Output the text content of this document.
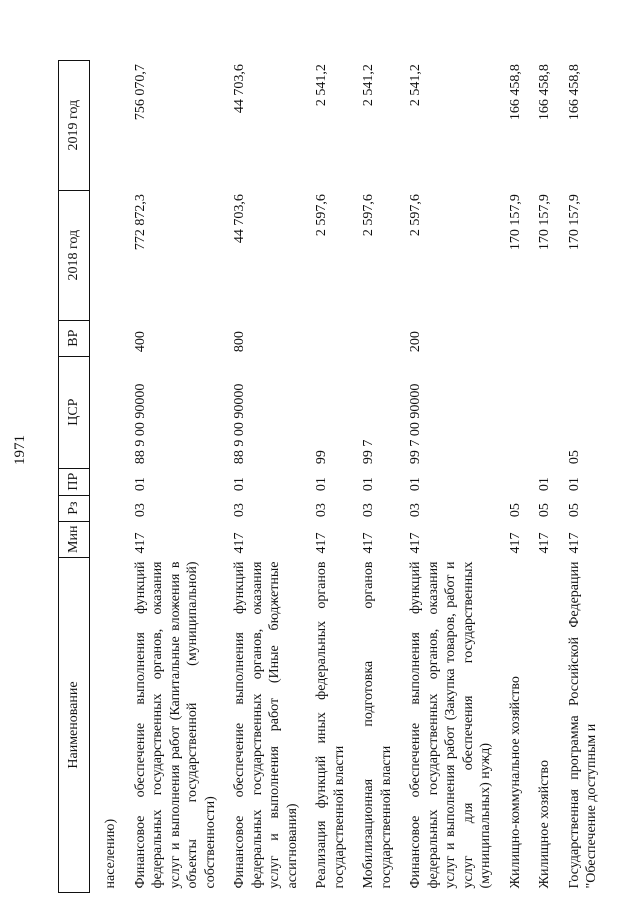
1971
Наименование	Мин	Рз	ПР	ЦСР	ВР	2018 год	2019 год
населению)							
Финансовое обеспечение выполнения функций федеральных государственных органов, оказания услуг и выполнения работ (Капитальные вложения в объекты государственной (муниципальной) собственности)	417	03	01	88 9 00 90000	400	772 872,3	756 070,7
Финансовое обеспечение выполнения функций федеральных государственных органов, оказания услуг и выполнения работ (Иные бюджетные ассигнования)	417	03	01	88 9 00 90000	800	44 703,6	44 703,6
Реализация функций иных федеральных органов государственной власти	417	03	01	99		2 597,6	2 541,2
Мобилизационная подготовка органов государственной власти	417	03	01	99 7		2 597,6	2 541,2
Финансовое обеспечение выполнения функций федеральных государственных органов, оказания услуг и выполнения работ (Закупка товаров, работ и услуг для обеспечения государственных (муниципальных) нужд)	417	03	01	99 7 00 90000	200	2 597,6	2 541,2
Жилищно-коммунальное хозяйство	417	05				170 157,9	166 458,8
Жилищное хозяйство	417	05	01			170 157,9	166 458,8
Государственная программа Российской Федерации "Обеспечение доступным и	417	05	01	05		170 157,9	166 458,8
